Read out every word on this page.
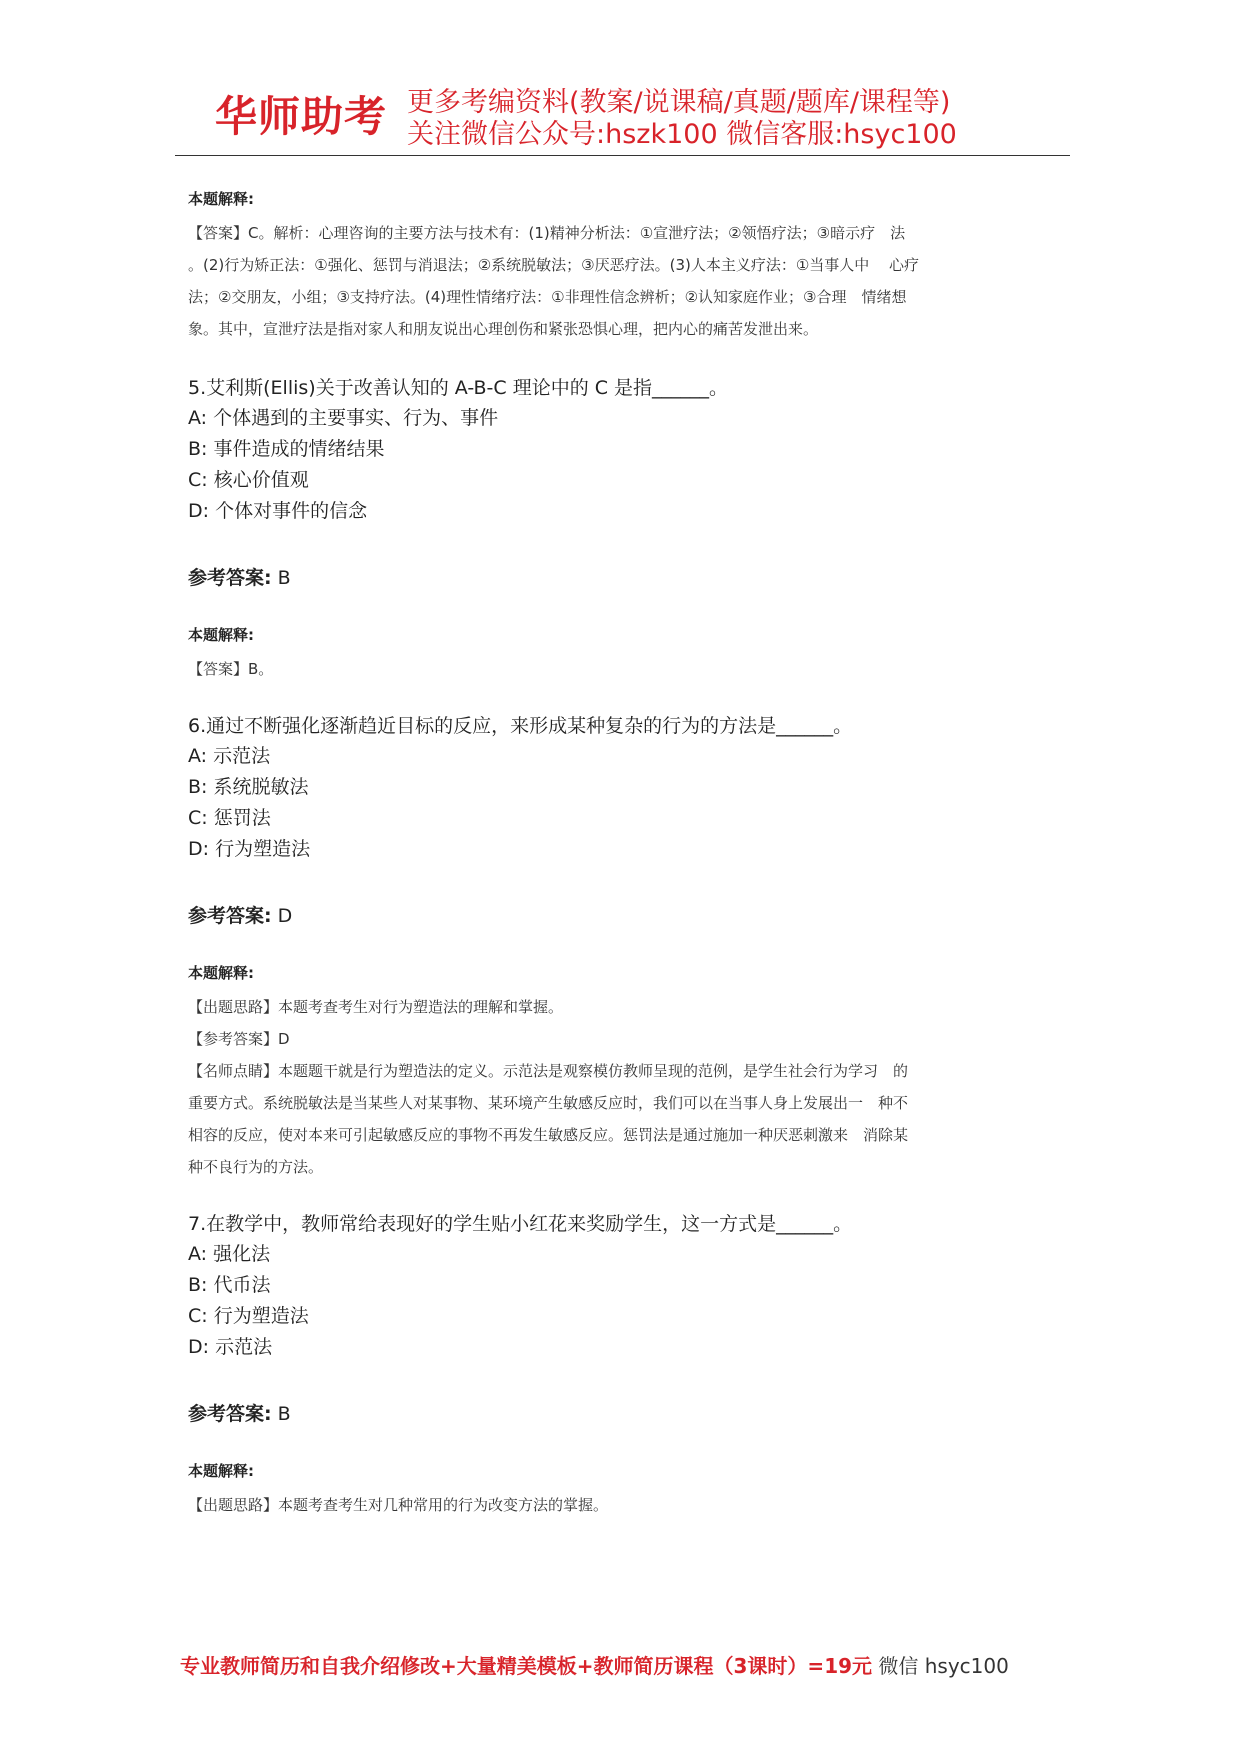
华师助考 更多考编资料(教案/说课稿/真题/题库/课程等)
关注微信公众号:hszk100 微信客服:hsyc100

本题解释:

【答案】C。解析：心理咨询的主要方法与技术有：(1)精神分析法：①宣泄疗法；②领悟疗法；③暗示疗　法

。(2)行为矫正法：①强化、惩罚与消退法；②系统脱敏法；③厌恶疗法。(3)人本主义疗法：①当事人中　 心疗

法；②交朋友，小组；③支持疗法。(4)理性情绪疗法：①非理性信念辨析；②认知家庭作业；③合理　情绪想

象。其中，宣泄疗法是指对家人和朋友说出心理创伤和紧张恐惧心理，把内心的痛苦发泄出来。

5.艾利斯(Ellis)关于改善认知的 A-B-C 理论中的 C 是指______。

A: 个体遇到的主要事实、行为、事件

B: 事件造成的情绪结果

C: 核心价值观

D: 个体对事件的信念

参考答案: B

本题解释:

【答案】B。

6.通过不断强化逐渐趋近目标的反应，来形成某种复杂的行为的方法是______。

A: 示范法

B: 系统脱敏法

C: 惩罚法

D: 行为塑造法

参考答案: D

本题解释:

【出题思路】本题考查考生对行为塑造法的理解和掌握。

【参考答案】D

【名师点睛】本题题干就是行为塑造法的定义。示范法是观察模仿教师呈现的范例，是学生社会行为学习　的

重要方式。系统脱敏法是当某些人对某事物、某环境产生敏感反应时，我们可以在当事人身上发展出一　种不

相容的反应，使对本来可引起敏感反应的事物不再发生敏感反应。惩罚法是通过施加一种厌恶刺激来　消除某

种不良行为的方法。

7.在教学中，教师常给表现好的学生贴小红花来奖励学生，这一方式是______。

A: 强化法

B: 代币法

C: 行为塑造法

D: 示范法

参考答案: B

本题解释:

【出题思路】本题考查考生对几种常用的行为改变方法的掌握。

专业教师简历和自我介绍修改+大量精美模板+教师简历课程（3课时）=19元 微信 hsyc100
